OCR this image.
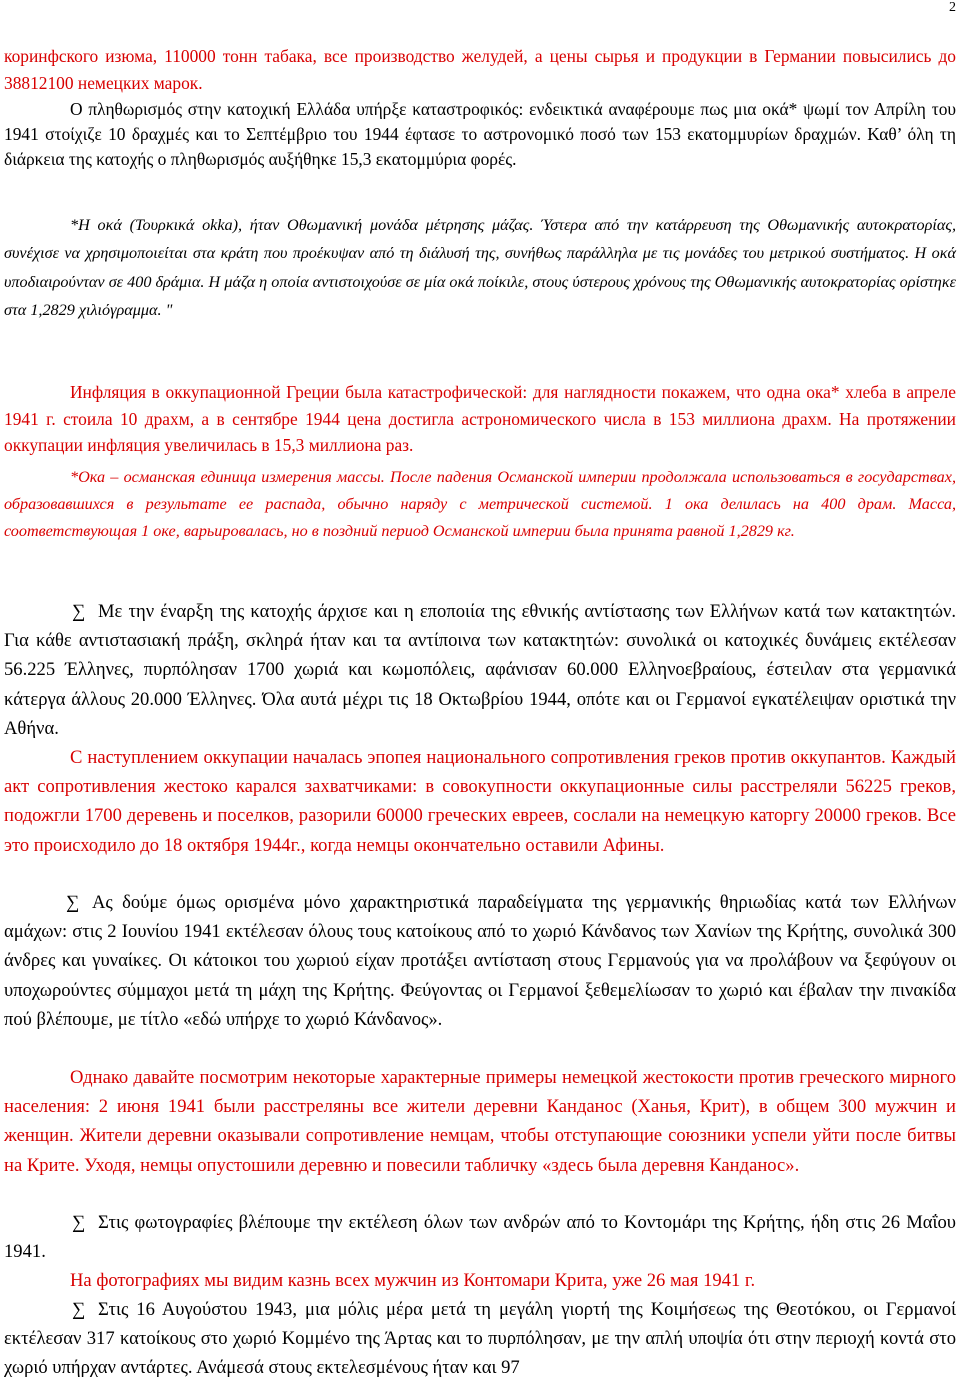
2

коринфского изюма, 110000 тонн табака, все производство желудей, а цены сырья и продукции в Германии повысились до 38812100 немецких марок.

Ο πληθωρισμός στην κατοχική Ελλάδα υπήρξε καταστροφικός: ενδεικτικά αναφέρουμε πως μια οκά* ψωμί τον Απρίλη του 1941 στοίχιζε 10 δραχμές και το Σεπτέμβριο του 1944 έφτασε το αστρονομικό ποσό των 153 εκατομμυρίων δραχμών. Καθ’ όλη τη διάρκεια της κατοχής ο πληθωρισμός αυξήθηκε 15,3 εκατομμύρια φορές.

*Η οκά (Τουρκικά okka), ήταν Οθωμανική μονάδα μέτρησης μάζας. Ύστερα από την κατάρρευση της Οθωμανικής αυτοκρατορίας, συνέχισε να χρησιμοποιείται στα κράτη που προέκυψαν από τη διάλυσή της, συνήθως παράλληλα με τις μονάδες του μετρικού συστήματος. Η οκά υποδιαιρούνταν σε 400 δράμια. Η μάζα η οποία αντιστοιχούσε σε μία οκά ποίκιλε, στους ύστερους χρόνους της Οθωμανικής αυτοκρατορίας ορίστηκε στα 1,2829 χιλιόγραμμα. "

Инфляция в оккупационной Греции была катастрофической: для наглядности покажем, что одна ока* хлеба в апреле 1941 г. стоила 10 драхм, а в сентябре 1944 цена достигла астрономического числа в 153 миллиона драхм. На протяжении оккупации инфляция увеличилась в 15,3 миллиона раз.

*Ока – османская единица измерения массы. После падения Османской империи продолжала использоваться в государствах, образовавшихся в результате ее распада, обычно наряду с метрической системой. 1 ока делилась на 400 драм. Масса, соответствующая 1 оке, варьировалась, но в поздний период Османской империи была принята равной 1,2829 кг.

∑ Με την έναρξη της κατοχής άρχισε και η εποποιία της εθνικής αντίστασης των Ελλήνων κατά των κατακτητών. Για κάθε αντιστασιακή πράξη, σκληρά ήταν και τα αντίποινα των κατακτητών: συνολικά οι κατοχικές δυνάμεις εκτέλεσαν 56.225 Έλληνες, πυρπόλησαν 1700 χωριά και κωμοπόλεις, αφάνισαν 60.000 Ελληνοεβραίους, έστειλαν στα γερμανικά κάτεργα άλλους 20.000 Έλληνες. Όλα αυτά μέχρι τις 18 Οκτωβρίου 1944, οπότε και οι Γερμανοί εγκατέλειψαν οριστικά την Αθήνα.

С наступлением оккупации началась эпопея национального сопротивления греков против оккупантов. Каждый акт сопротивления жестоко карался захватчиками: в совокупности оккупационные силы расстреляли 56225 греков, подожгли 1700 деревень и поселков, разорили 60000 греческих евреев, сослали на немецкую каторгу 20000 греков. Все это происходило до 18 октября 1944г., когда немцы окончательно оставили Афины.

∑ Ας δούμε όμως ορισμένα μόνο χαρακτηριστικά παραδείγματα της γερμανικής θηριωδίας κατά των Ελλήνων αμάχων: στις 2 Ιουνίου 1941 εκτέλεσαν όλους τους κατοίκους από το χωριό Κάνδανος των Χανίων της Κρήτης, συνολικά 300 άνδρες και γυναίκες. Οι κάτοικοι του χωριού είχαν προτάξει αντίσταση στους Γερμανούς για να προλάβουν να ξεφύγουν οι υποχωρούντες σύμμαχοι μετά τη μάχη της Κρήτης. Φεύγοντας οι Γερμανοί ξεθεμελίωσαν το χωριό και έβαλαν την πινακίδα πού βλέπουμε, με τίτλο «εδώ υπήρχε το χωριό Κάνδανος».

Однако давайте посмотрим некоторые характерные примеры немецкой жестокости против греческого мирного населения: 2 июня 1941 были расстреляны все жители деревни Канданос (Ханья, Крит), в общем 300 мужчин и женщин. Жители деревни оказывали сопротивление немцам, чтобы отступающие союзники успели уйти после битвы на Крите. Уходя, немцы опустошили деревню и повесили табличку «здесь была деревня Канданос».

∑ Στις φωτογραφίες βλέπουμε την εκτέλεση όλων των ανδρών από το Κοντομάρι της Κρήτης, ήδη στις 26 Μαΐου 1941.

На фотографиях мы видим казнь всех мужчин из Контомари Крита, уже 26 мая 1941 г.

∑ Στις 16 Αυγούστου 1943, μια μόλις μέρα μετά τη μεγάλη γιορτή της Κοιμήσεως της Θεοτόκου, οι Γερμανοί εκτέλεσαν 317 κατοίκους στο χωριό Κομμένο της Άρτας και το πυρπόλησαν, με την απλή υποψία ότι στην περιοχή κοντά στο χωριό υπήρχαν αντάρτες. Ανάμεσά στους εκτελεσμένους ήταν και 97
